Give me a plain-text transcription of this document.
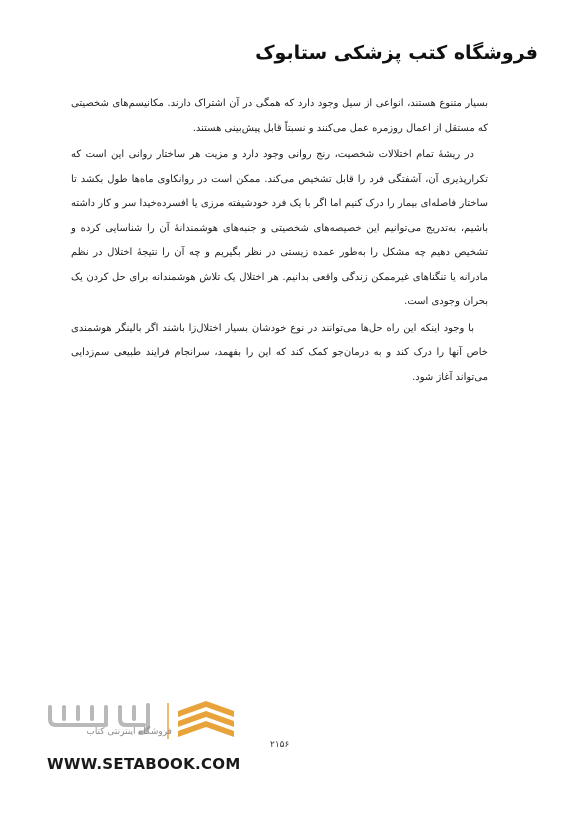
فروشگاه کتب پزشکی ستابوک

بسیار متنوع هستند، انواعی از سیل وجود دارد که همگی در آن اشتراک دارند. مکانیسم‌های شخصیتی که مستقل از اعمال روزمره عمل می‌کنند و نسبتاً قابل پیش‌بینی هستند.

در ریشهٔ تمام اختلالات شخصیت، رنج روانی وجود دارد و مزیت هر ساختار روانی این است که تکرارپذیری آن، آشفتگی فرد را قابل تشخیص می‌کند. ممکن است در روانکاوی ماه‌ها طول بکشد تا ساختار فاصله‌ای بیمار را درک کنیم اما اگر با یک فرد خودشیفته مرزی یا افسرده‌خیدا سر و کار داشته باشیم، به‌تدریج می‌توانیم این خصیصه‌های شخصیتی و جنبه‌های هوشمندانهٔ آن را شناسایی کرده و تشخیص دهیم چه مشکل را به‌طور عمده زیستی در نظر بگیریم و چه آن را نتیجهٔ اختلال در نظم مادرانه یا تنگناهای غیرممکن زندگی واقعی بدانیم. هر اختلال یک تلاش هوشمندانه برای حل کردن یک بحران وجودی است.

با وجود اینکه این راه حل‌ها می‌توانند در نوع خودشان بسیار اختلال‌زا باشند اگر بالینگر هوشمندی خاص آنها را درک کند و به درمان‌جو کمک کند که این را بفهمد، سرانجام فرایند طبیعی سم‌زدایی می‌تواند آغاز شود.

فروشگاه اینترنتی کتاب
۲۱۵۶
WWW.SETABOOK.COM
